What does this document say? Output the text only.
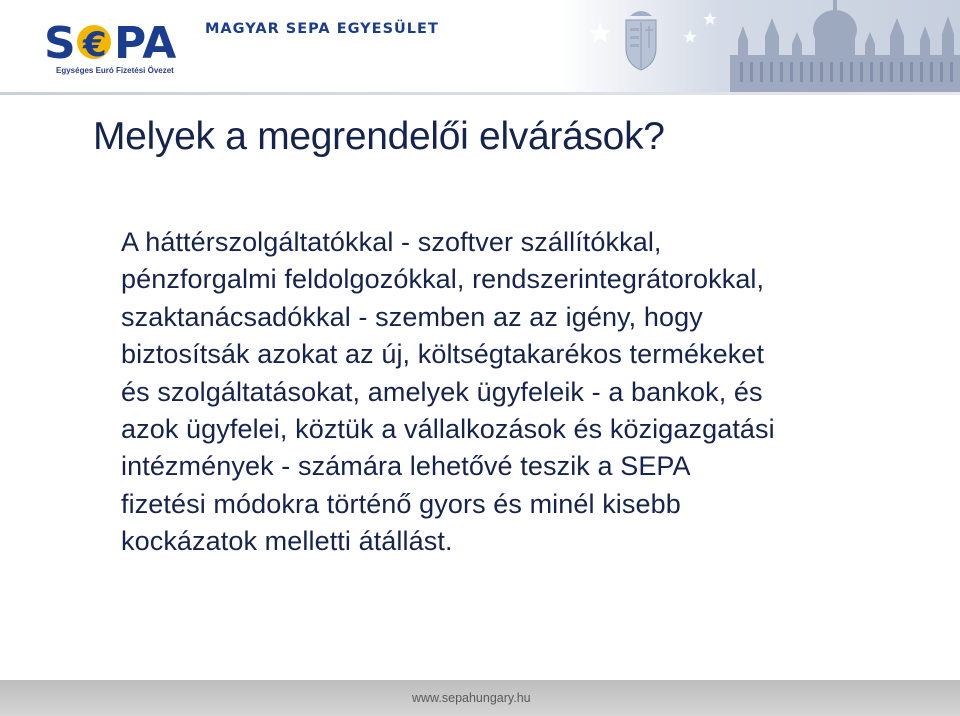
S € PA
Egységes Euró Fizetési Övezet
MAGYAR SEPA EGYESÜLET
Melyek a megrendelői elvárások?
A háttérszolgáltatókkal - szoftver szállítókkal,
pénzforgalmi feldolgozókkal, rendszerintegrátorokkal,
szaktanácsadókkal - szemben az az igény, hogy
biztosítsák azokat az új, költségtakarékos termékeket
és szolgáltatásokat, amelyek ügyfeleik - a bankok, és
azok ügyfelei, köztük a vállalkozások és közigazgatási
intézmények - számára lehetővé teszik a SEPA
fizetési módokra történő gyors és minél kisebb
kockázatok melletti átállást.
www.sepahungary.hu
